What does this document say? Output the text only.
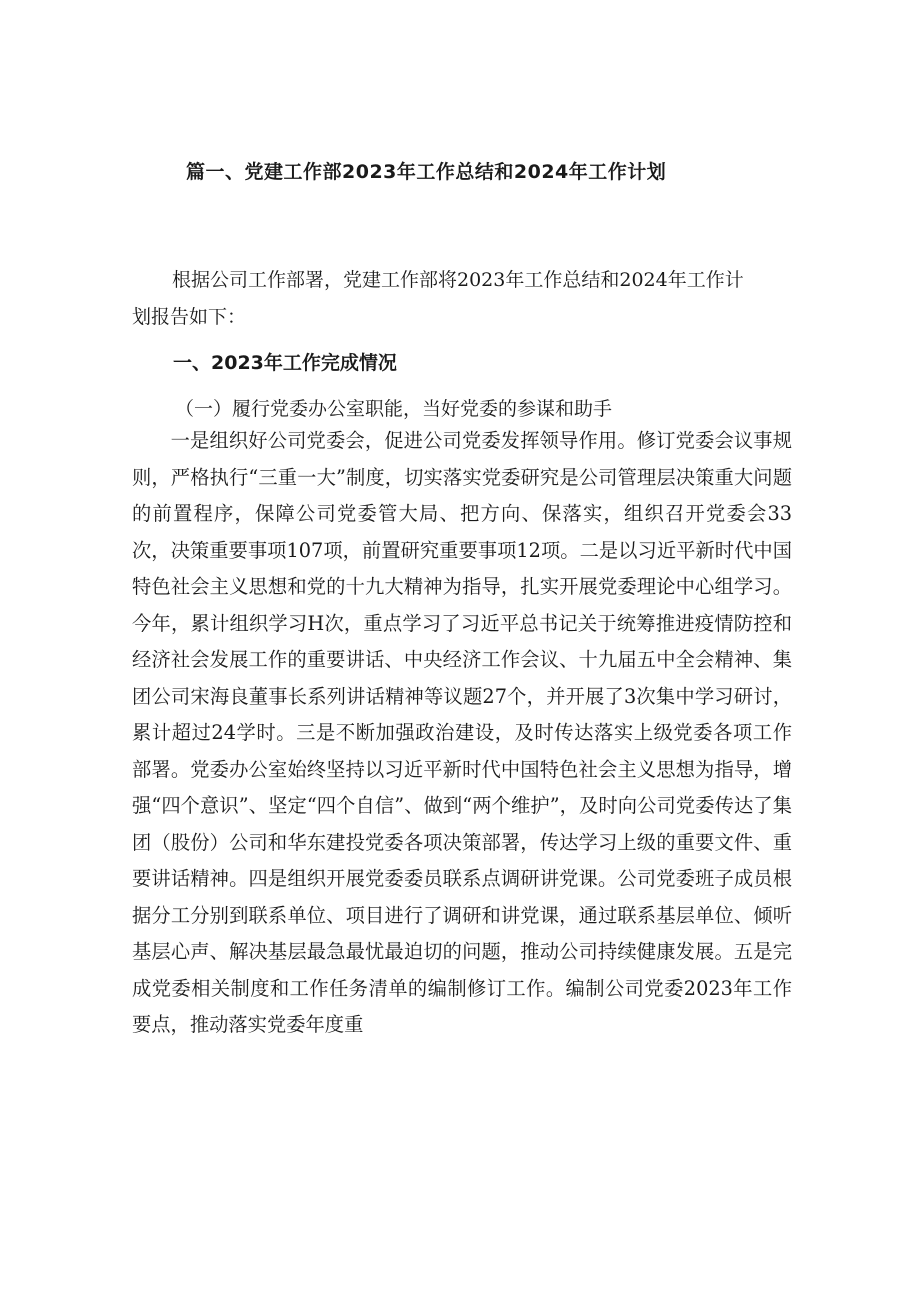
篇一、党建工作部2023年工作总结和2024年工作计划
根据公司工作部署，党建工作部将2023年工作总结和2024年工作计
划报告如下：
一、2023年工作完成情况
（一）履行党委办公室职能，当好党委的参谋和助手
一是组织好公司党委会，促进公司党委发挥领导作用。修订党委会议事规则，严格执行“三重一大”制度，切实落实党委研究是公司管理层决策重大问题的前置程序，保障公司党委管大局、把方向、保落实，组织召开党委会33次，决策重要事项107项，前置研究重要事项12项。二是以习近平新时代中国特色社会主义思想和党的十九大精神为指导，扎实开展党委理论中心组学习。今年，累计组织学习H次，重点学习了习近平总书记关于统筹推进疫情防控和经济社会发展工作的重要讲话、中央经济工作会议、十九届五中全会精神、集团公司宋海良董事长系列讲话精神等议题27个，并开展了3次集中学习研讨，累计超过24学时。三是不断加强政治建设，及时传达落实上级党委各项工作部署。党委办公室始终坚持以习近平新时代中国特色社会主义思想为指导，增强“四个意识”、坚定“四个自信”、做到“两个维护”，及时向公司党委传达了集团（股份）公司和华东建投党委各项决策部署，传达学习上级的重要文件、重要讲话精神。四是组织开展党委委员联系点调研讲党课。公司党委班子成员根据分工分别到联系单位、项目进行了调研和讲党课，通过联系基层单位、倾听基层心声、解决基层最急最忧最迫切的问题，推动公司持续健康发展。五是完成党委相关制度和工作任务清单的编制修订工作。编制公司党委2023年工作要点，推动落实党委年度重
